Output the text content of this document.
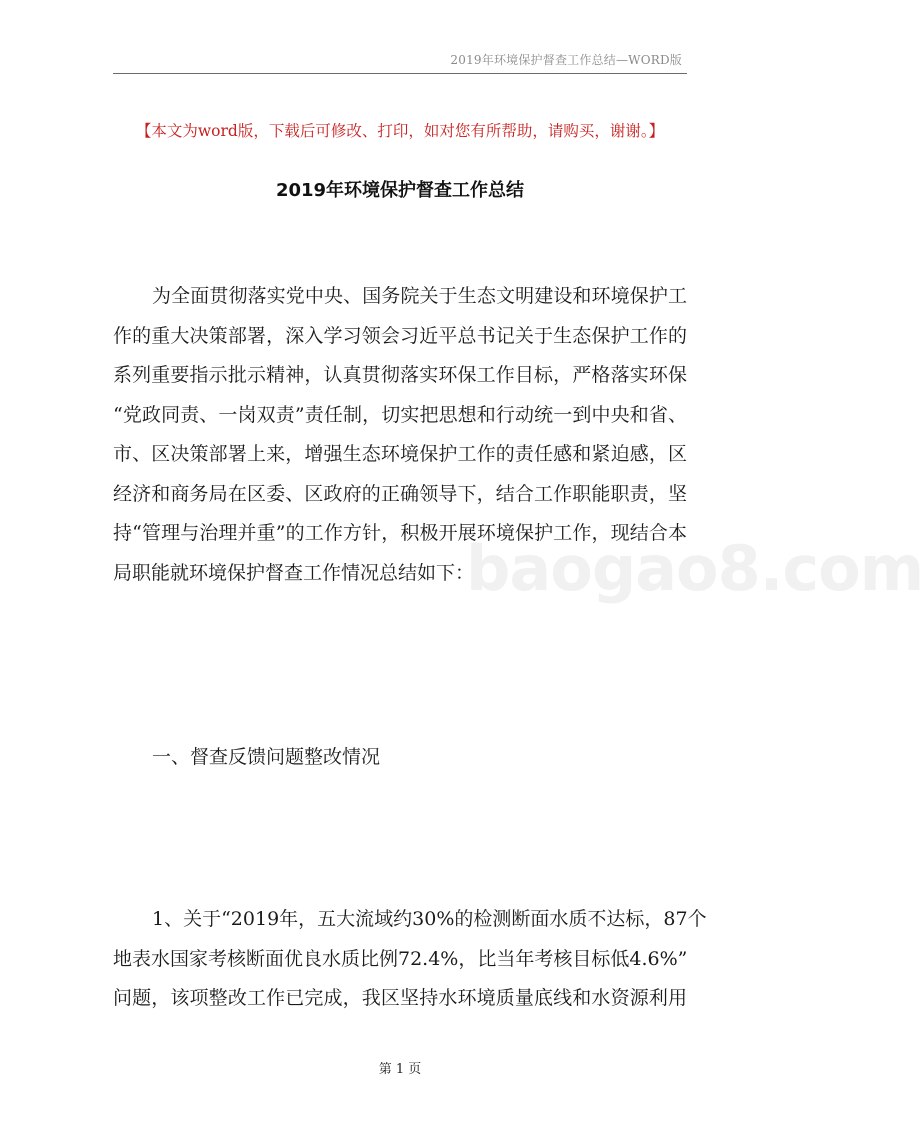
2019年环境保护督查工作总结—WORD版
【本文为word版，下载后可修改、打印，如对您有所帮助，请购买，谢谢。】
2019年环境保护督查工作总结
为全面贯彻落实党中央、国务院关于生态文明建设和环境保护工
作的重大决策部署，深入学习领会习近平总书记关于生态保护工作的
系列重要指示批示精神，认真贯彻落实环保工作目标，严格落实环保
“党政同责、一岗双责”责任制，切实把思想和行动统一到中央和省、
市、区决策部署上来，增强生态环境保护工作的责任感和紧迫感，区
经济和商务局在区委、区政府的正确领导下，结合工作职能职责，坚
持“管理与治理并重”的工作方针，积极开展环境保护工作，现结合本
局职能就环境保护督查工作情况总结如下：
一、督查反馈问题整改情况
1、关于“2019年，五大流域约30%的检测断面水质不达标，87个
地表水国家考核断面优良水质比例72.4%，比当年考核目标低4.6%”
问题，该项整改工作已完成，我区坚持水环境质量底线和水资源利用
baogao8.com
第 1 页
